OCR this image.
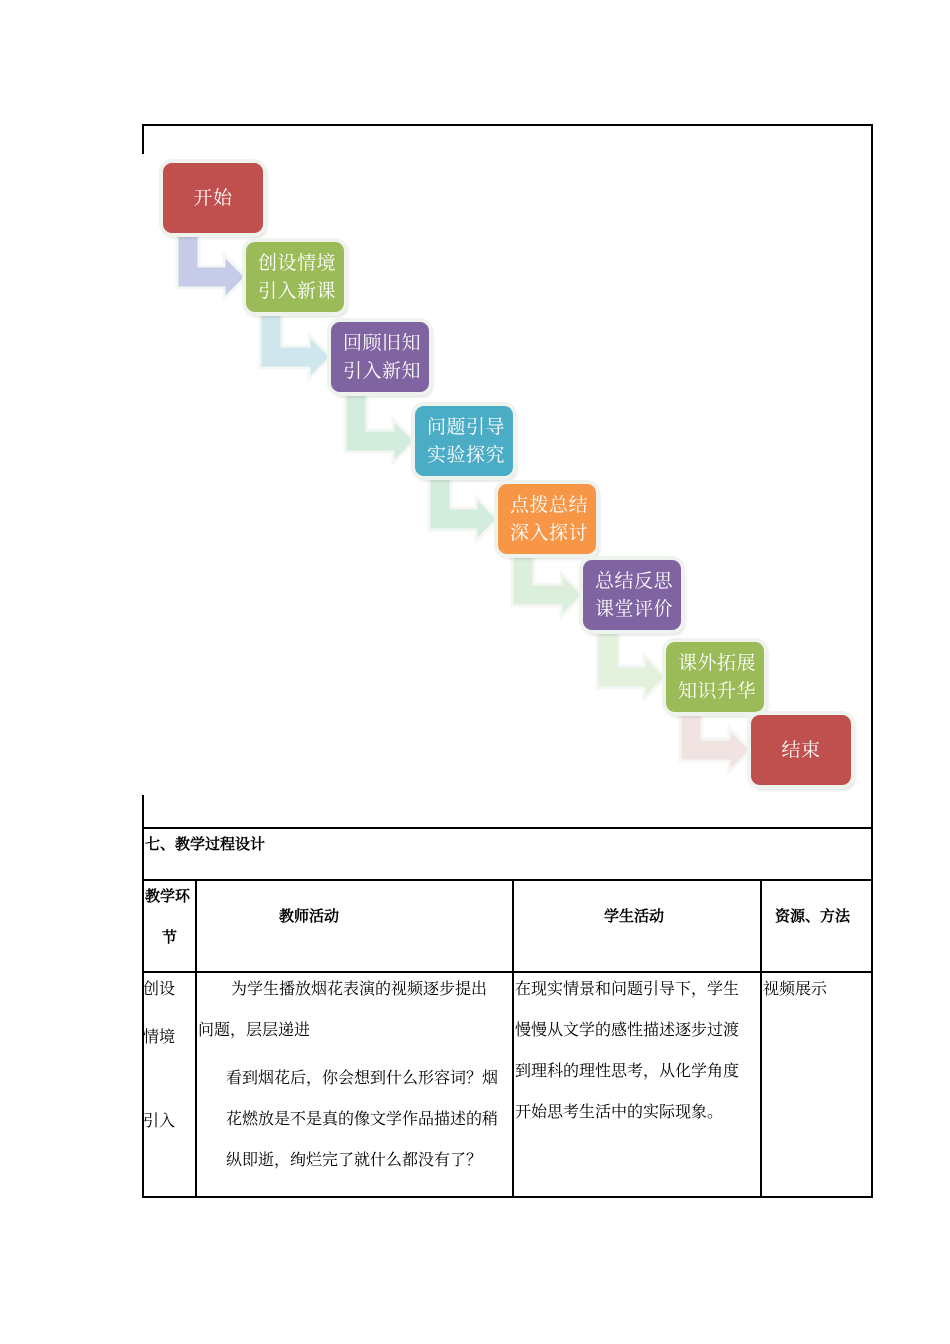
开始
创设情境
引入新课
回顾旧知
引入新知
问题引导
实验探究
点拨总结
深入探讨
总结反思
课堂评价
课外拓展
知识升华
结束
七、教学过程设计
教学环
节
教师活动	学生活动	资源、方法
创设
情境
引入
为学生播放烟花表演的视频逐步提出
问题，层层递进
看到烟花后，你会想到什么形容词？烟
花燃放是不是真的像文学作品描述的稍
纵即逝，绚烂完了就什么都没有了？
在现实情景和问题引导下，学生
慢慢从文学的感性描述逐步过渡
到理科的理性思考，从化学角度
开始思考生活中的实际现象。
视频展示
